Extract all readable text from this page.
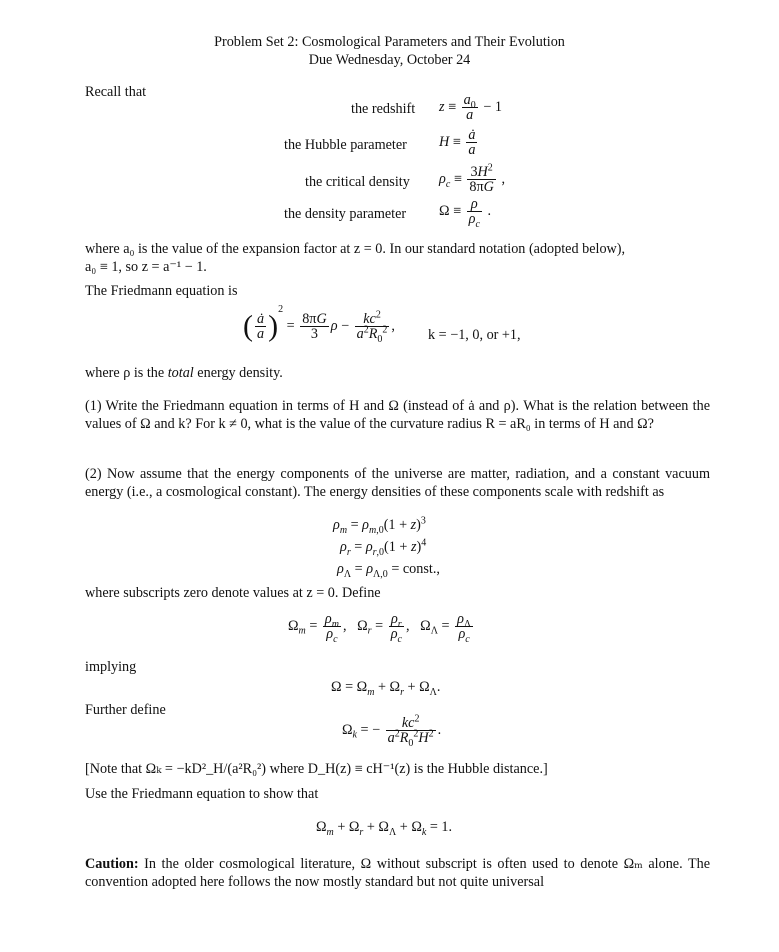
Problem Set 2: Cosmological Parameters and Their Evolution
Due Wednesday, October 24
Recall that
the redshift $z \equiv \frac{a_0}{a} - 1$
the Hubble parameter $H \equiv \frac{ȧ}{a}$
the critical density $\rho_c \equiv \frac{3H^2}{8\pi G}$ ,
the density parameter $\Omega \equiv \frac{\rho}{\rho_c}$ .
where a₀ is the value of the expansion factor at z = 0. In our standard notation (adopted below),
a₀ ≡ 1, so z = a⁻¹ − 1.
The Friedmann equation is
( $\frac{ȧ}{a} )^2 = \frac{8\pi G}{3}$ $\rho - \frac{kc^2}{a^2R_0^2}$ ,
k = −1, 0, or +1,
where ρ is the total energy density.
(1) Write the Friedmann equation in terms of H and Ω (instead of ȧ and ρ). What is the relation between the values of Ω and k? For k ≠ 0, what is the value of the curvature radius R = aR₀ in terms of H and Ω?
(2) Now assume that the energy components of the universe are matter, radiation, and a constant vacuum energy (i.e., a cosmological constant). The energy densities of these components scale with redshift as
$\rho_m = \rho_{m,0}(1 + z)^3$
$\rho_r = \rho_{r,0}(1 + z)^4$
$\rho_\Lambda = \rho_{\Lambda,0}$ = const.,
where subscripts zero denote values at z = 0. Define
$\Omega_m = \frac{\rho_m}{\rho_c}$ ,   $\Omega_r = \frac{\rho_r}{\rho_c}$ ,   $\Omega_\Lambda = \frac{\rho_\Lambda}{\rho_c}$
implying
$\Omega = \Omega_m + \Omega_r + \Omega_\Lambda$.
Further define
$\Omega_k$ = − $\frac{kc^2}{a^2R_0^2H^2}$ .
[Note that Ωₖ = −kD²_H/(a²R₀²) where D_H(z) ≡ cH⁻¹(z) is the Hubble distance.]
Use the Friedmann equation to show that
$\Omega_m + \Omega_r + \Omega_\Lambda + \Omega_k = 1$.
Caution: In the older cosmological literature, Ω without subscript is often used to denote Ωₘ alone. The convention adopted here follows the now mostly standard but not quite universal
